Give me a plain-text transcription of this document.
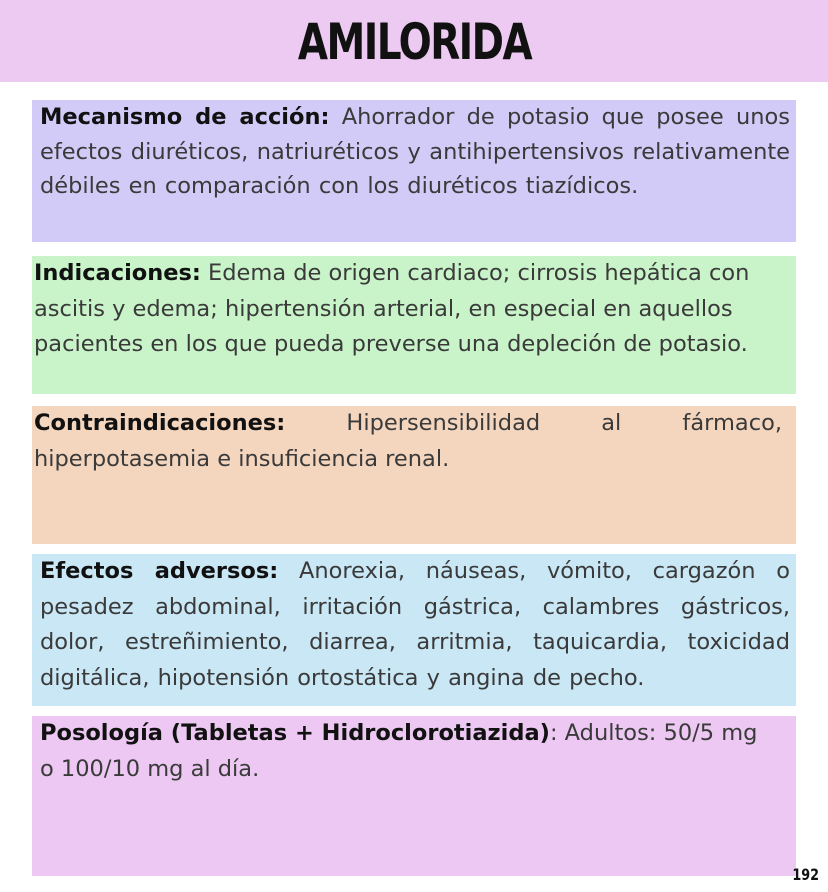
AMILORIDA
Mecanismo de acción: Ahorrador de potasio que posee unos efectos diuréticos, natriuréticos y antihipertensivos relativamente débiles en comparación con los diuréticos tiazídicos.
Indicaciones: Edema de origen cardiaco; cirrosis hepática con ascitis y edema; hipertensión arterial, en especial en aquellos pacientes en los que pueda preverse una depleción de potasio.
Contraindicaciones: Hipersensibilidad al fármaco, hiperpotasemia e insuficiencia renal.
Efectos adversos: Anorexia, náuseas, vómito, cargazón o pesadez abdominal, irritación gástrica, calambres gástricos, dolor, estreñimiento, diarrea, arritmia, taquicardia, toxicidad digitálica, hipotensión ortostática y angina de pecho.
Posología (Tabletas + Hidroclorotiazida): Adultos: 50/5 mg o 100/10 mg al día.
192
